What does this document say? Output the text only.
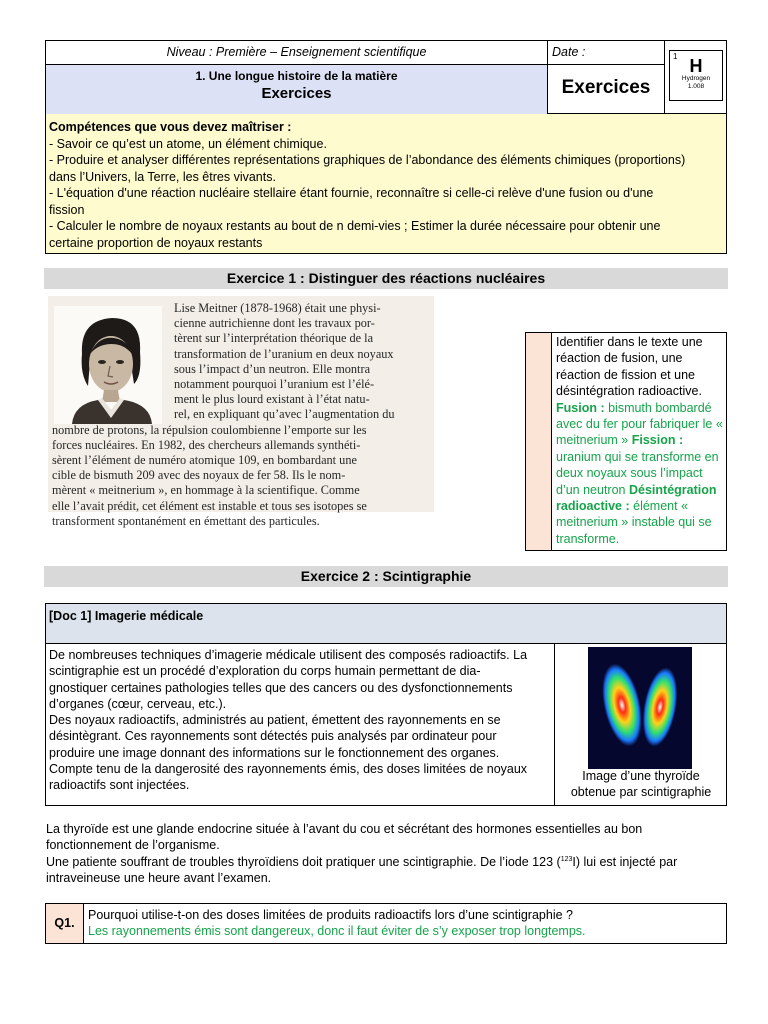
Niveau : Première – Enseignement scientifique
1. Une longue histoire de la matière
Exercices
Date :
Exercices
1 H
Hydrogen
1.008
Compétences que vous devez maîtriser :
- Savoir ce qu’est un atome, un élément chimique.
- Produire et analyser différentes représentations graphiques de l’abondance des éléments chimiques (proportions)
dans l’Univers, la Terre, les êtres vivants.
- L'équation d'une réaction nucléaire stellaire étant fournie, reconnaître si celle-ci relève d'une fusion ou d'une
fission
- Calculer le nombre de noyaux restants au bout de n demi-vies ; Estimer la durée nécessaire pour obtenir une
certaine proportion de noyaux restants
Exercice 1 : Distinguer des réactions nucléaires
Lise Meitner (1878-1968) était une physi-
cienne autrichienne dont les travaux por-
tèrent sur l’interprétation théorique de la
transformation de l’uranium en deux noyaux
sous l’impact d’un neutron. Elle montra
notamment pourquoi l’uranium est l’élé-
ment le plus lourd existant à l’état natu-
rel, en expliquant qu’avec l’augmentation du
nombre de protons, la répulsion coulombienne l’emporte sur les
forces nucléaires. En 1982, des chercheurs allemands synthéti-
sèrent l’élément de numéro atomique 109, en bombardant une
cible de bismuth 209 avec des noyaux de fer 58. Ils le nom-
mèrent « meitnerium », en hommage à la scientifique. Comme
elle l’avait prédit, cet élément est instable et tous ses isotopes se
transforment spontanément en émettant des particules.
Identifier dans le texte une réaction de fusion, une réaction de fission et une désintégration radioactive. Fusion : bismuth bombardé avec du fer pour fabriquer le « meitnerium » Fission : uranium qui se transforme en deux noyaux sous l’impact d’un neutron Désintégration radioactive : élément « meitnerium » instable qui se transforme.
Exercice 2 : Scintigraphie
[Doc 1] Imagerie médicale
De nombreuses techniques d’imagerie médicale utilisent des composés radioactifs. La
scintigraphie est un procédé d’exploration du corps humain permettant de dia-
gnostiquer certaines pathologies telles que des cancers ou des dysfonctionnements
d’organes (cœur, cerveau, etc.).
Des noyaux radioactifs, administrés au patient, émettent des rayonnements en se
désintègrant. Ces rayonnements sont détectés puis analysés par ordinateur pour
produire une image donnant des informations sur le fonctionnement des organes.
Compte tenu de la dangerosité des rayonnements émis, des doses limitées de noyaux
radioactifs sont injectées.
Image d’une thyroïde
obtenue par scintigraphie
La thyroïde est une glande endocrine située à l’avant du cou et sécrétant des hormones essentielles au bon
fonctionnement de l’organisme.
Une patiente souffrant de troubles thyroïdiens doit pratiquer une scintigraphie. De l’iode 123 ($^{123}$I) lui est injecté par
intraveineuse une heure avant l’examen.
Q1.
Pourquoi utilise-t-on des doses limitées de produits radioactifs lors d’une scintigraphie ?
Les rayonnements émis sont dangereux, donc il faut éviter de s’y exposer trop longtemps.
